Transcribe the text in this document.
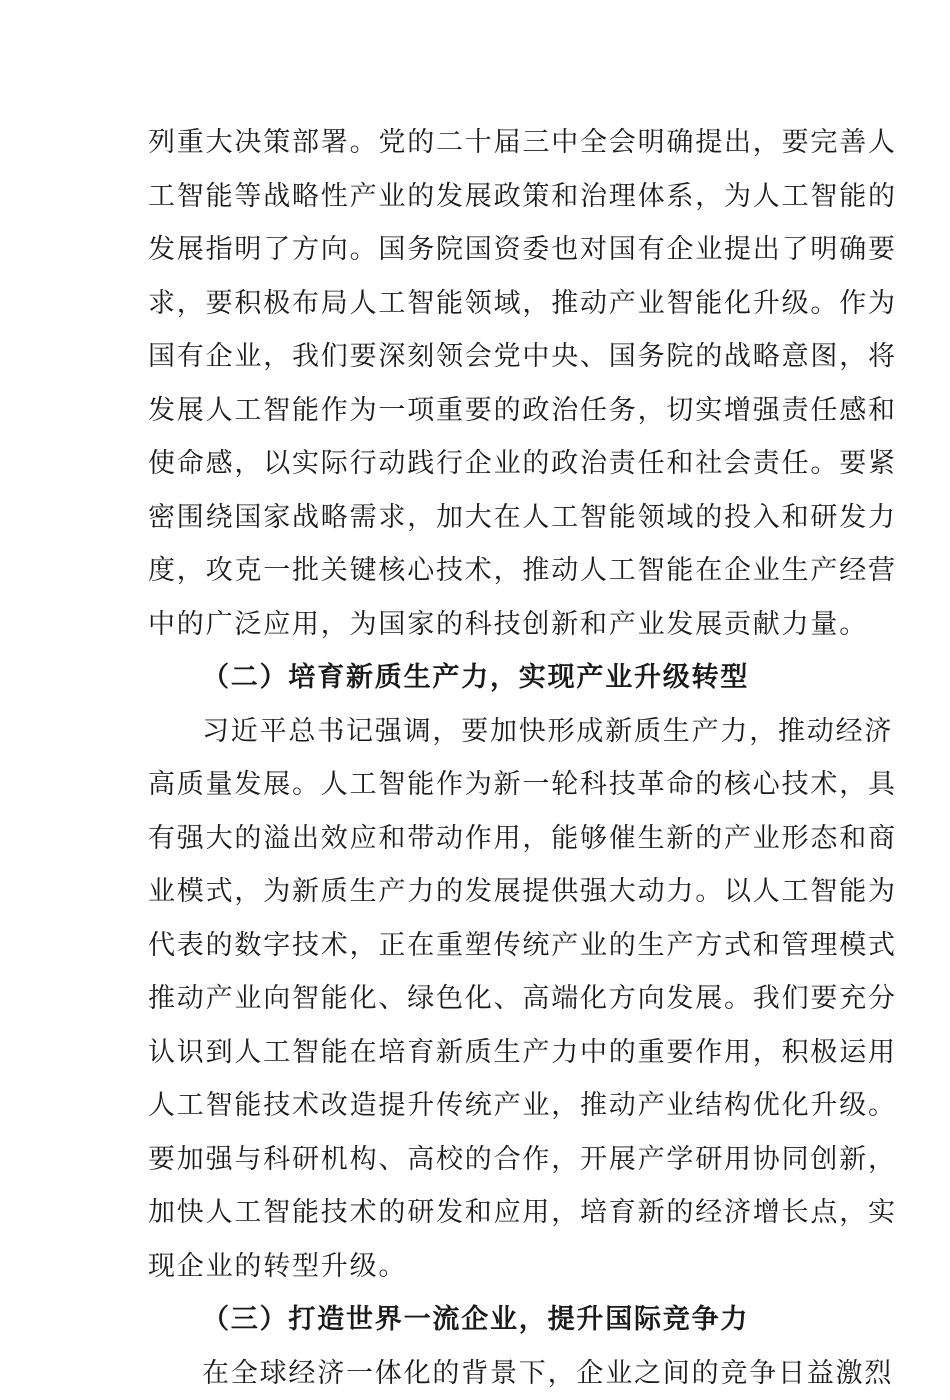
列重大决策部署。党的二十届三中全会明确提出，要完善人
工智能等战略性产业的发展政策和治理体系，为人工智能的
发展指明了方向。国务院国资委也对国有企业提出了明确要
求，要积极布局人工智能领域，推动产业智能化升级。作为
国有企业，我们要深刻领会党中央、国务院的战略意图，将
发展人工智能作为一项重要的政治任务，切实增强责任感和
使命感，以实际行动践行企业的政治责任和社会责任。要紧
密围绕国家战略需求，加大在人工智能领域的投入和研发力
度，攻克一批关键核心技术，推动人工智能在企业生产经营
中的广泛应用，为国家的科技创新和产业发展贡献力量。
（二）培育新质生产力，实现产业升级转型
习近平总书记强调，要加快形成新质生产力，推动经济
高质量发展。人工智能作为新一轮科技革命的核心技术，具
有强大的溢出效应和带动作用，能够催生新的产业形态和商
业模式，为新质生产力的发展提供强大动力。以人工智能为
代表的数字技术，正在重塑传统产业的生产方式和管理模式
推动产业向智能化、绿色化、高端化方向发展。我们要充分
认识到人工智能在培育新质生产力中的重要作用，积极运用
人工智能技术改造提升传统产业，推动产业结构优化升级。
要加强与科研机构、高校的合作，开展产学研用协同创新，
加快人工智能技术的研发和应用，培育新的经济增长点，实
现企业的转型升级。
（三）打造世界一流企业，提升国际竞争力
在全球经济一体化的背景下，企业之间的竞争日益激烈
